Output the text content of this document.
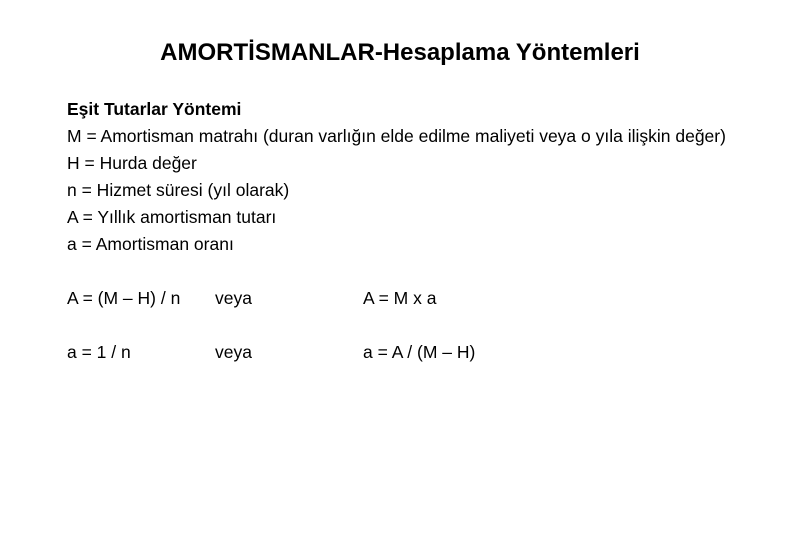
AMORTİSMANLAR-Hesaplama Yöntemleri
Eşit Tutarlar Yöntemi
M = Amortisman matrahı (duran varlığın elde edilme maliyeti veya o yıla ilişkin değer)
H = Hurda değer
n = Hizmet süresi (yıl olarak)
A = Yıllık amortisman tutarı
a = Amortisman oranı
A = (M – H) / n veya	A = M x a
a = 1 / n	veya	a = A / (M – H)
